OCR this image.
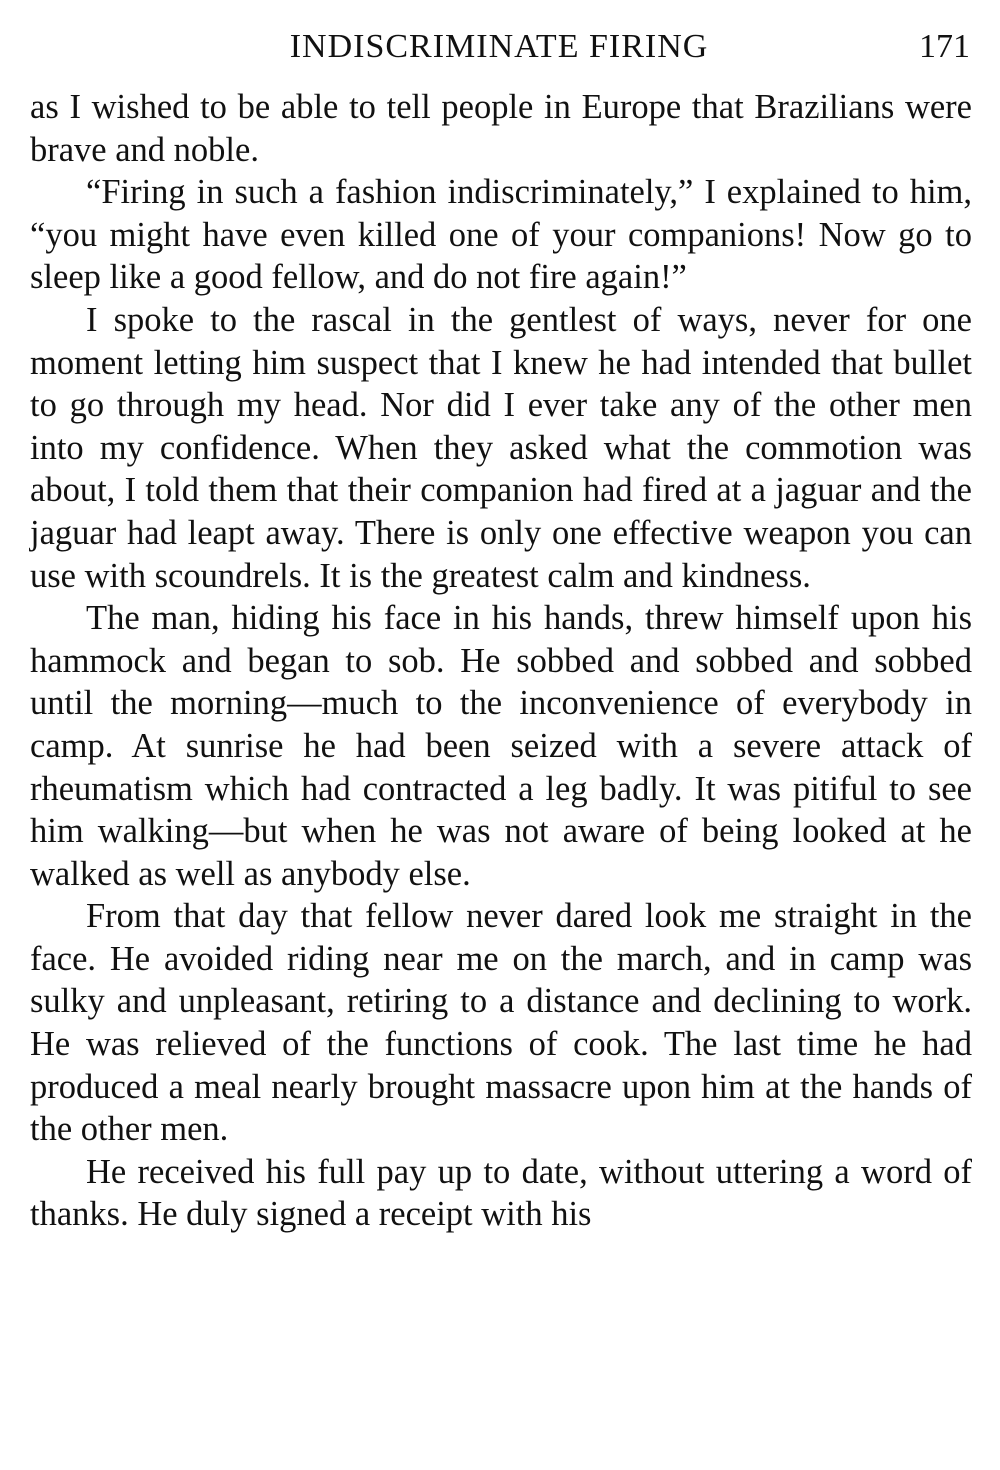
INDISCRIMINATE FIRING	171

as I wished to be able to tell people in Europe that Brazilians were brave and noble.

“Firing in such a fashion indiscriminately,” I explained to him, “you might have even killed one of your companions! Now go to sleep like a good fellow, and do not fire again!”

I spoke to the rascal in the gentlest of ways, never for one moment letting him suspect that I knew he had intended that bullet to go through my head. Nor did I ever take any of the other men into my confidence. When they asked what the commotion was about, I told them that their companion had fired at a jaguar and the jaguar had leapt away. There is only one effective weapon you can use with scoundrels. It is the greatest calm and kindness.

The man, hiding his face in his hands, threw himself upon his hammock and began to sob. He sobbed and sobbed and sobbed until the morning—much to the inconvenience of everybody in camp. At sunrise he had been seized with a severe attack of rheumatism which had contracted a leg badly. It was pitiful to see him walking—but when he was not aware of being looked at he walked as well as anybody else.

From that day that fellow never dared look me straight in the face. He avoided riding near me on the march, and in camp was sulky and unpleasant, retiring to a distance and declining to work. He was relieved of the functions of cook. The last time he had produced a meal nearly brought massacre upon him at the hands of the other men.

He received his full pay up to date, without uttering a word of thanks. He duly signed a receipt with his
